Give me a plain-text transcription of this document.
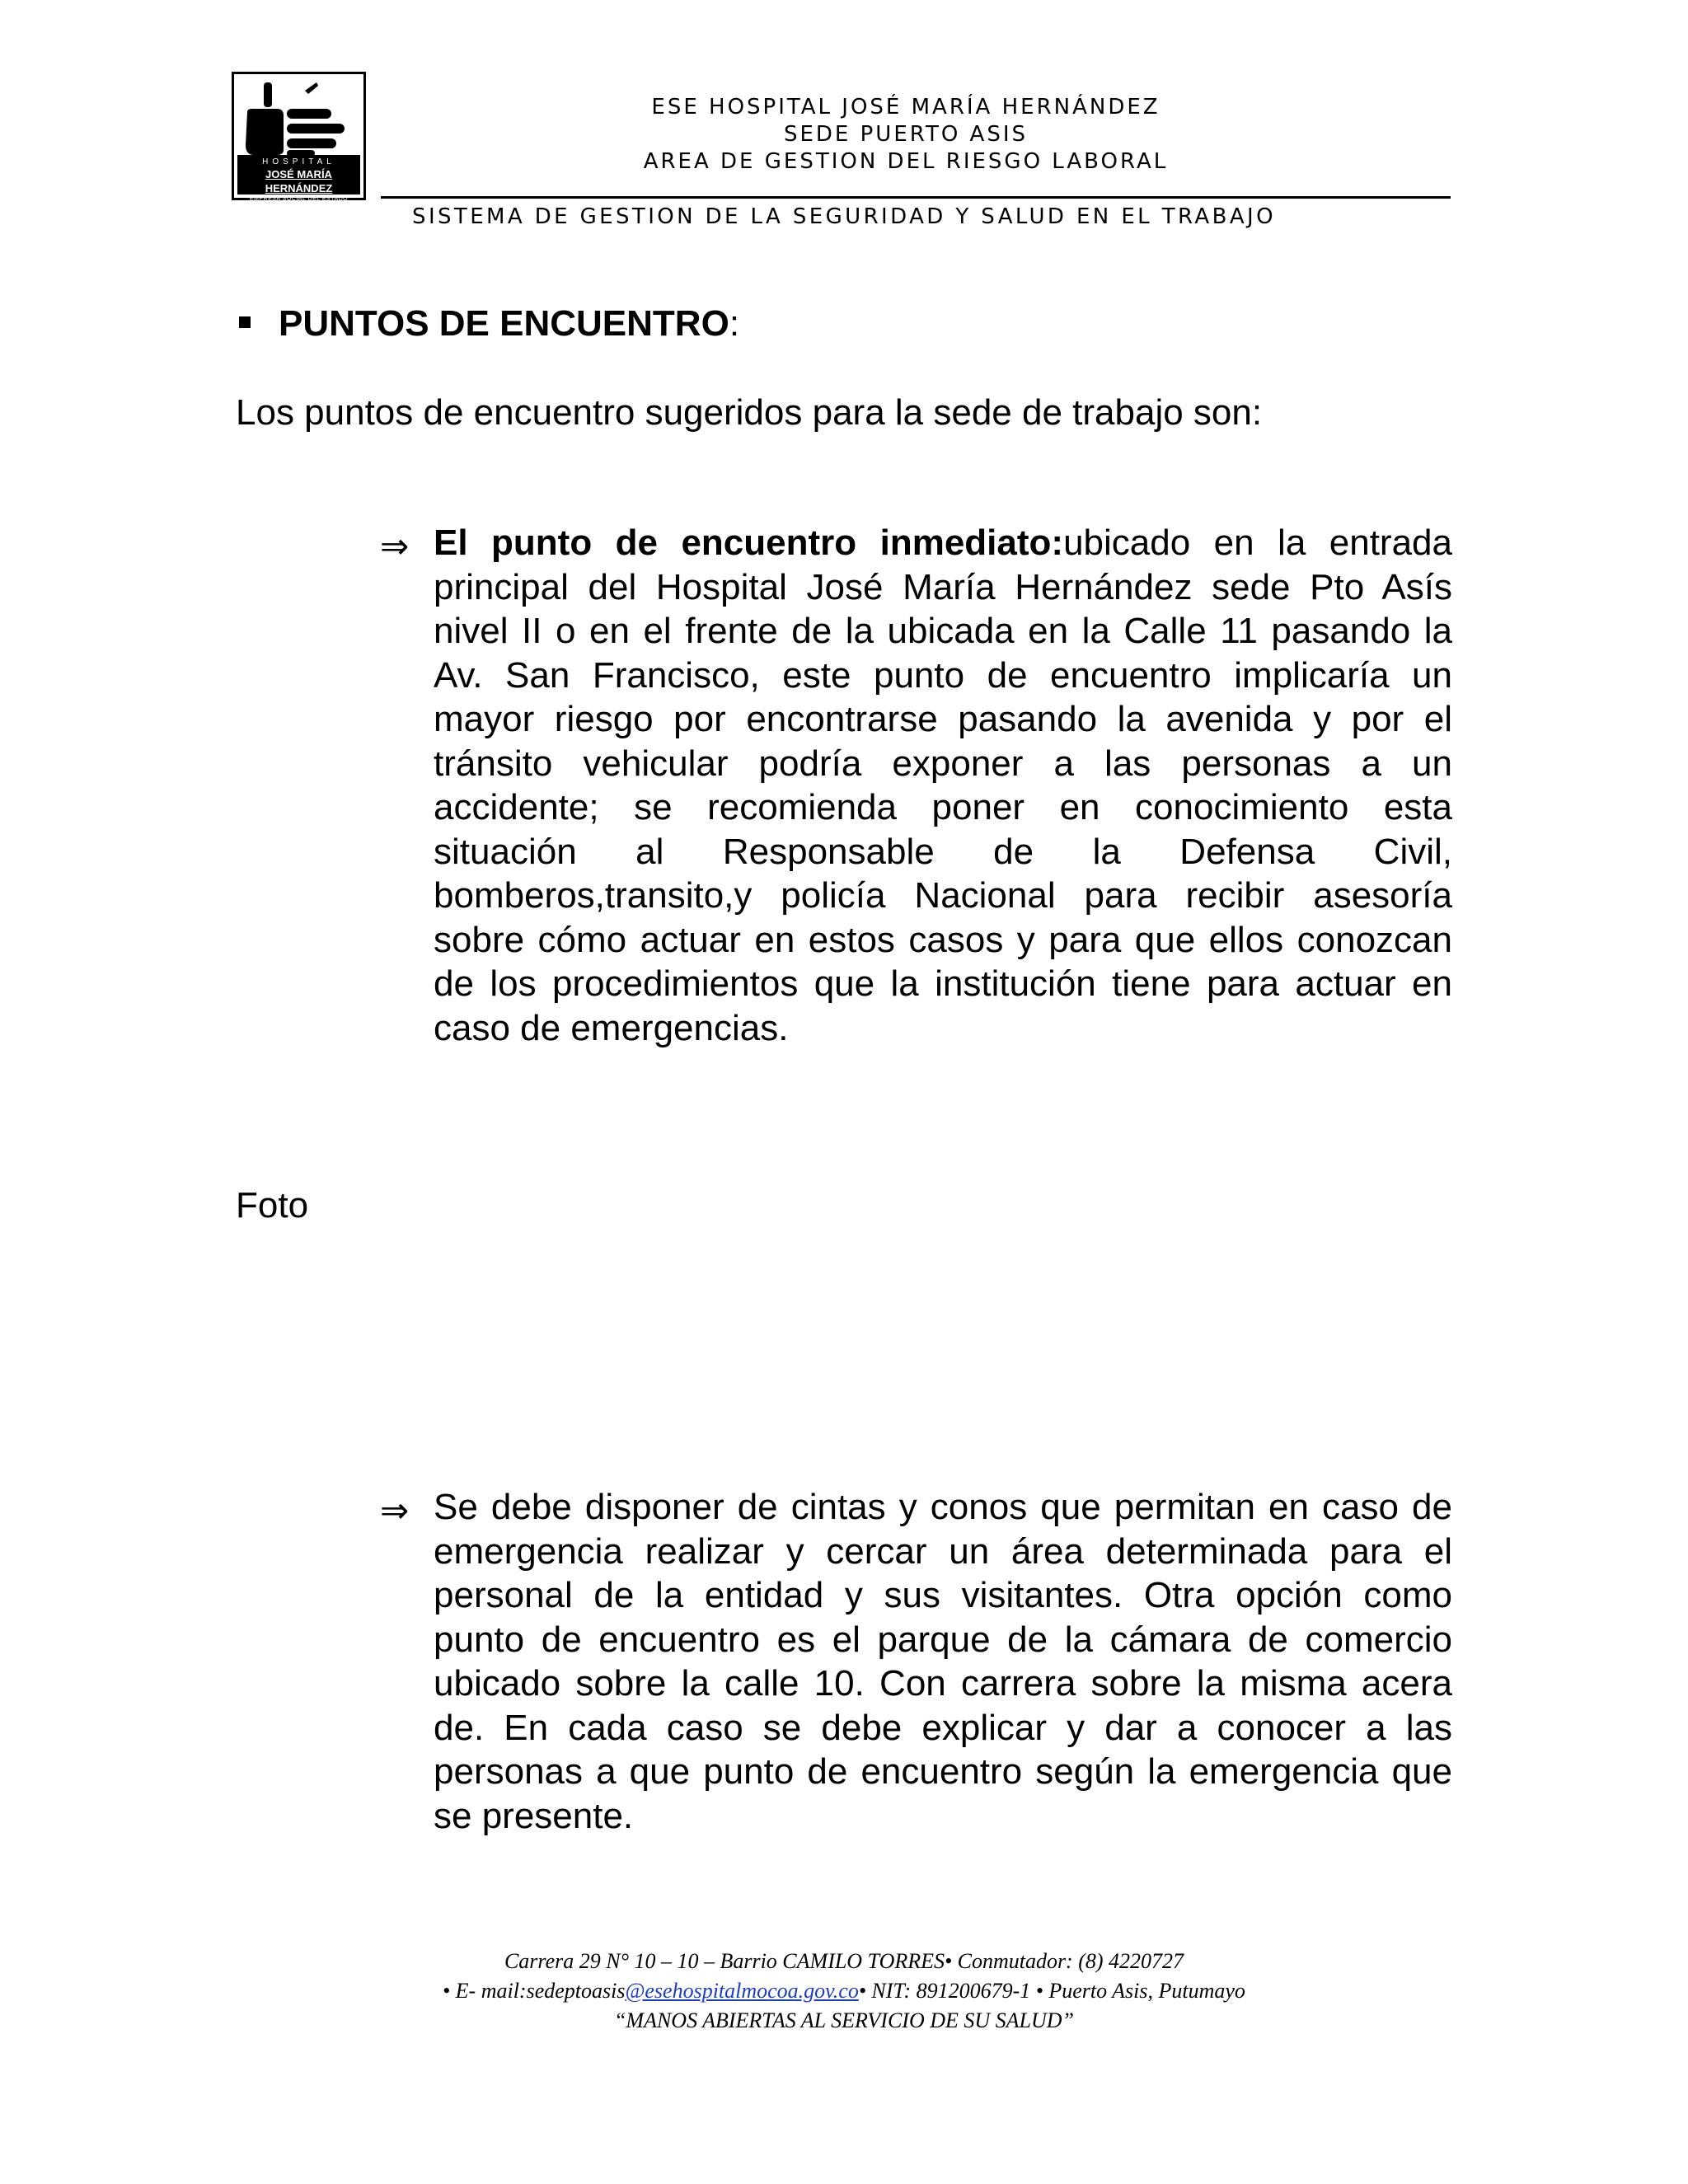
HOSPITAL
JOSÉ MARÍA HERNÁNDEZ
EMPRESA SOCIAL DEL ESTADO
ESE HOSPITAL JOSÉ MARÍA HERNÁNDEZ
SEDE PUERTO ASIS
AREA DE GESTION DEL RIESGO LABORAL
SISTEMA DE GESTION DE LA SEGURIDAD Y SALUD EN EL TRABAJO
PUNTOS DE ENCUENTRO:
Los puntos de encuentro sugeridos para la sede de trabajo son:
⇒ El punto de encuentro inmediato:ubicado en la entrada principal del Hospital José María Hernández sede Pto Asís nivel II o en el frente de la ubicada en la Calle 11 pasando la Av. San Francisco, este punto de encuentro implicaría un mayor riesgo por encontrarse pasando la avenida y por el tránsito vehicular podría exponer a las personas a un accidente; se recomienda poner en conocimiento esta situación al Responsable de la Defensa Civil, bomberos,transito,y policía Nacional para recibir asesoría sobre cómo actuar en estos casos y para que ellos conozcan de los procedimientos que la institución tiene para actuar en caso de emergencias.
Foto
⇒ Se debe disponer de cintas y conos que permitan en caso de emergencia realizar y cercar un área determinada para el personal de la entidad y sus visitantes. Otra opción como punto de encuentro es el parque de la cámara de comercio ubicado sobre la calle 10. Con carrera sobre la misma acera de. En cada caso se debe explicar y dar a conocer a las personas a que punto de encuentro según la emergencia que se presente.
Carrera 29 N° 10 – 10 – Barrio CAMILO TORRES• Conmutador: (8) 4220727
• E- mail:sedeptoasis@esehospitalmocoa.gov.co• NIT: 891200679-1 • Puerto Asis, Putumayo
“MANOS ABIERTAS AL SERVICIO DE SU SALUD”
